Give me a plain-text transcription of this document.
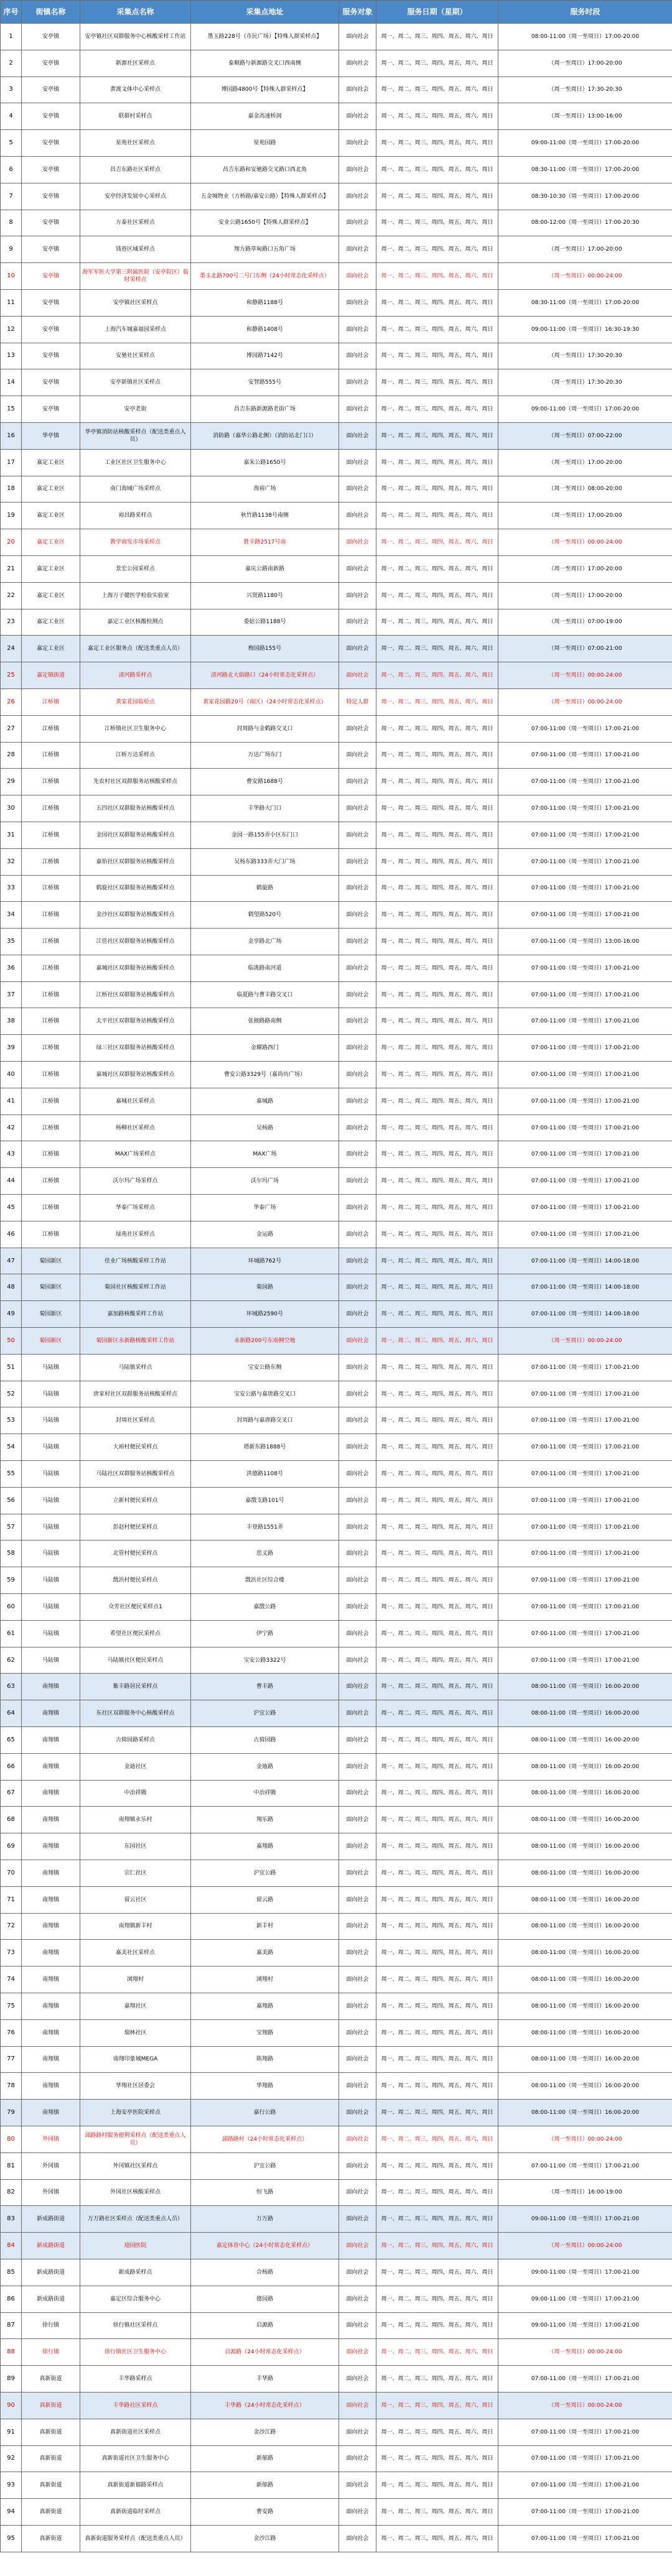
序号	街镇名称	采集点名称	采集点地址	服务对象	服务日期（星期）	服务时段
1	安亭镇	安亭镇社区双群服务中心核酸采样工作站	墨玉路228号（市民广场）【特殊人群采样点】	面向社会	周一、周二、周三、周四、周五、周六、周日	08:00-11:00（周一至周日）17:00-20:00
2	安亭镇	新源社区采样点	泰顺路与新源路交叉口西南侧	面向社会	周一、周二、周三、周四、周五、周六、周日	（周一至周日）17:00-20:00
3	安亭镇	黄渡文体中心采样点	博园路4800号【特殊人群采样点】	面向社会	周一、周二、周三、周四、周五、周六、周日	（周一至周日）17:30-20:30
4	安亭镇	联群村采样点	嘉金高速桥洞	面向社会	周一、周二、周三、周四、周五、周六、周日	（周一至周日）13:00-16:00
5	安亭镇	星苑社区采样点	星苑园路	面向社会	周一、周二、周三、周四、周五、周六、周日	09:00-11:00（周一至周日）17:00-20:00
6	安亭镇	昌吉东路社区采样点	昌吉东路和安驰路交叉路口西北角	面向社会	周一、周二、周三、周四、周五、周六、周日	08:30-11:00（周一至周日）17:00-20:00
7	安亭镇	安亭经济发展中心采样点	五金城物业（方桥路/嘉安公路）【特殊人群采样点】	面向社会	周一、周二、周三、周四、周五、周六、周日	08:30-10:30（周一至周日）17:00-20:00
8	安亭镇	方泰社区采样点	安业公路1650号【特殊人群采样点】	面向社会	周一、周二、周三、周四、周五、周六、周日	08:00-12:00（周一至周日）17:00-20:30
9	安亭镇	钱巷区域采样点	翔方路草甸路口五角广场	面向社会	周一、周二、周三、周四、周五、周六、周日	（周一至周日）17:00-20:00
10	安亭镇	海军军医大学第三附属医院（安亭院区）临时采样点	墨玉北路700号二号门东侧（24小时常态化采样点）	面向社会	周一、周二、周三、周四、周五、周六、周日	（周一至周日）00:00-24:00
11	安亭镇	安亭镇社区采样点	和静路1188号	面向社会	周一、周二、周三、周四、周五、周六、周日	08:30-11:00（周一至周日）17:00-20:00
12	安亭镇	上海汽车城嘉福园采样点	和静路1408号	面向社会	周一、周二、周三、周四、周五、周六、周日	09:00-11:00（周一至周日）16:30-19:30
13	安亭镇	安驰社区采样点	博园路7142号	面向社会	周一、周二、周三、周四、周五、周六、周日	（周一至周日）17:30-20:30
14	安亭镇	安亭新镇社区采样点	安智路555号	面向社会	周一、周二、周三、周四、周五、周六、周日	（周一至周日）17:30-20:30
15	安亭镇	安亭老街	昌吉东路新源路老街广场	面向社会	周一、周二、周三、周四、周五、周六、周日	09:00-11:00（周一至周日）17:00-20:00
16	华亭镇	华亭镇消防站核酸采样点（配送类重点人员）	消防路（嘉华公路北侧）（消防站北门口）	面向社会	周一、周二、周三、周四、周五、周六、周日	（周一至周日）07:00-22:00
17	嘉定工业区	工业区社区卫生服务中心	嘉朱公路1650号	面向社会	周一、周二、周三、周四、周五、周六、周日	（周一至周日）17:00-20:00
18	嘉定工业区	南门海域广场采样点	海裕广场	面向社会	周一、周二、周三、周四、周五、周六、周日	（周一至周日）08:00-20:00
19	嘉定工业区	裕昌路采样点	秋竹路1138号南侧	面向社会	周一、周二、周三、周四、周五、周六、周日	（周一至周日）17:00-20:00
20	嘉定工业区	教学商发市场采样点	胜辛路2517号南	面向社会	周一、周二、周三、周四、周五、周六、周日	（周一至周日）00:00-24:00
21	嘉定工业区	景宏公园采样点	嘉庆公路南新路	面向社会	周一、周二、周三、周四、周五、周六、周日	（周一至周日）17:00-20:00
22	嘉定工业区	上海万子健医学检验实验室	兴贤路1180号	面向社会	周一、周二、周三、周四、周五、周六、周日	（周一至周日）17:00-20:00
23	嘉定工业区	嘉定工业区核酸检测点	委姑公路1188号	面向社会	周一、周二、周三、周四、周五、周六、周日	（周一至周日）07:00-19:00
24	嘉定工业区	嘉定工业区服务点（配送类重点人员）	梅园路155号	面向社会	周一、周二、周三、周四、周五、周六、周日	（周一至周日）07:00-21:00
25	嘉定镇街道	清河路采样点	清河路北大街路口（24小时常态化采样点）	面向社会	周一、周二、周三、周四、周五、周六、周日	（周一至周日）00:00-24:00
26	江桥镇	黄家花园临检点	黄家花园路20号（南区）（24小时常态化采样点）	特定人群	周一、周二、周三、周四、周五、周六、周日	（周一至周日）00:00-24:00
27	江桥镇	江桥镇社区卫生服务中心	封周路与金鹤路交叉口	面向社会	周一、周二、周三、周四、周五、周六、周日	07:00-11:00（周一至周日）17:00-21:00
28	江桥镇	江桥万达采样点	万达广场东门	面向社会	周一、周二、周三、周四、周五、周六、周日	07:00-11:00（周一至周日）17:00-21:00
29	江桥镇	先农村社区双群服务站核酸采样点	曹安路1688号	面向社会	周一、周二、周三、周四、周五、周六、周日	07:00-11:00（周一至周日）17:00-21:00
30	江桥镇	五四社区双群服务站核酸采样点	丰华路大门口	面向社会	周一、周二、周三、周四、周五、周六、周日	07:00-11:00（周一至周日）17:00-21:00
31	江桥镇	金园社区双群服务站核酸采样点	金园一路155弄小区东门口	面向社会	周一、周二、周三、周四、周五、周六、周日	07:00-11:00（周一至周日）17:00-21:00
32	江桥镇	嘉怡社区双群服务站核酸采样点	吴杨东路333弄大门广场	面向社会	周一、周二、周三、周四、周五、周六、周日	07:00-11:00（周一至周日）17:00-21:00
33	江桥镇	鹤旋社区双群服务站核酸采样点	鹤旋路	面向社会	周一、周二、周三、周四、周五、周六、周日	07:00-11:00（周一至周日）17:00-21:00
34	江桥镇	金沙社区双群服务站核酸采样点	鹤望路520号	面向社会	周一、周二、周三、周四、周五、周六、周日	07:00-11:00（周一至周日）17:00-21:00
35	江桥镇	江佳社区双群服务站核酸采样点	金享路北广场	面向社会	周一、周二、周三、周四、周五、周六、周日	07:00-11:00（周一至周日）13:00-16:00
36	江桥镇	嘉城社区双群服务站核酸采样点	临洮路南河道	面向社会	周一、周二、周三、周四、周五、周六、周日	07:00-11:00（周一至周日）17:00-21:00
37	江桥镇	江桥社区双群服务站核酸采样点	临夏路与曹丰路交叉口	面向社会	周一、周二、周三、周四、周五、周六、周日	07:00-11:00（周一至周日）17:00-21:00
38	江桥镇	太平社区双群服务站核酸采样点	张掖路路南侧	面向社会	周一、周二、周三、周四、周五、周六、周日	07:00-11:00（周一至周日）17:00-21:00
39	江桥镇	绿三社区双群服务站核酸采样点	金耀路西门	面向社会	周一、周二、周三、周四、周五、周六、周日	07:00-11:00（周一至周日）17:00-21:00
40	江桥镇	嘉城社区双群服务站核酸采样点	曹安公路3329号（嘉尚坊广场）	面向社会	周一、周二、周三、周四、周五、周六、周日	07:00-11:00（周一至周日）17:00-21:00
41	江桥镇	嘉城社区采样点	嘉城路	面向社会	周一、周二、周三、周四、周五、周六、周日	07:00-11:00（周一至周日）17:00-21:00
42	江桥镇	杨柳社区采样点	吴杨路	面向社会	周一、周二、周三、周四、周五、周六、周日	07:00-11:00（周一至周日）17:00-21:00
43	江桥镇	MAX广场采样点	MAX广场	面向社会	周一、周二、周三、周四、周五、周六、周日	07:00-11:00（周一至周日）17:00-21:00
44	江桥镇	沃尔玛广场采样点	沃尔玛广场	面向社会	周一、周二、周三、周四、周五、周六、周日	07:00-11:00（周一至周日）17:00-21:00
45	江桥镇	华泰广场采样点	华泰广场	面向社会	周一、周二、周三、周四、周五、周六、周日	07:00-11:00（周一至周日）17:00-21:00
46	江桥镇	绿苑社区采样点	金运路	面向社会	周一、周二、周三、周四、周五、周六、周日	07:00-11:00（周一至周日）17:00-21:00
47	菊园新区	佳业广场核酸采样工作站	环城路762号	面向社会	周一、周二、周三、周四、周五、周六、周日	07:00-11:00（周一至周日）14:00-18:00
48	菊园新区	菊园社区核酸采样工作站	菊园路	面向社会	周一、周二、周三、周四、周五、周六、周日	07:00-11:00（周一至周日）14:00-18:00
49	菊园新区	嘉加路核酸采样工作站	环城路2590号	面向社会	周一、周二、周三、周四、周五、周六、周日	07:00-11:00（周一至周日）14:00-18:00
50	菊园新区	菊园新区永新路核酸采样工作站	永新路200号东南侧空地	面向社会	周一、周二、周三、周四、周五、周六、周日	（周一至周日）00:00-24:00
51	马陆镇	马陆镇采样点	宝安公路东侧	面向社会	周一、周二、周三、周四、周五、周六、周日	07:00-11:00（周一至周日）17:00-21:00
52	马陆镇	唐家村社区双群服务站核酸采样点	宝安公路与嘉唐路交叉口	面向社会	周一、周二、周三、周四、周五、周六、周日	07:00-11:00（周一至周日）17:00-21:00
53	马陆镇	封周社区采样点	封周路与嘉唐路交叉口	面向社会	周一、周二、周三、周四、周五、周六、周日	07:00-11:00（周一至周日）17:00-21:00
54	马陆镇	大裕村便民采样点	塔新东路1888号	面向社会	周一、周二、周三、周四、周五、周六、周日	07:00-11:00（周一至周日）17:00-21:00
55	马陆镇	马陆社区双群服务站核酸采样点	洪德路1108号	面向社会	周一、周二、周三、周四、周五、周六、周日	07:00-11:00（周一至周日）17:00-21:00
56	马陆镇	立新村便民采样点	嘉戬支路101号	面向社会	周一、周二、周三、周四、周五、周六、周日	07:00-11:00（周一至周日）17:00-21:00
57	马陆镇	彭赵村便民采样点	丰登路1551弄	面向社会	周一、周二、周三、周四、周五、周六、周日	07:00-11:00（周一至周日）17:00-21:00
58	马陆镇	北管村便民采样点	思义路	面向社会	周一、周二、周三、周四、周五、周六、周日	07:00-11:00（周一至周日）17:00-21:00
59	马陆镇	戬浜村便民采样点	戬浜社区综合楼	面向社会	周一、周二、周三、周四、周五、周六、周日	07:00-11:00（周一至周日）17:00-21:00
60	马陆镇	众芳社区便民采样点1	嘉戬公路	面向社会	周一、周二、周三、周四、周五、周六、周日	07:00-11:00（周一至周日）17:00-21:00
61	马陆镇	希望社区便民采样点	伊宁路	面向社会	周一、周二、周三、周四、周五、周六、周日	07:00-11:00（周一至周日）17:00-21:00
62	马陆镇	马陆镇社区便民采样点	宝安公路3322号	面向社会	周一、周二、周三、周四、周五、周六、周日	07:00-11:00（周一至周日）17:00-21:00
63	南翔镇	紫丰路居民采样点	曹丰路	面向社会	周一、周二、周三、周四、周五、周六、周日	08:00-11:00（周一至周日）16:00-20:00
64	南翔镇	东社区双群服务中心核酸采样点	沪宜公路	面向社会	周一、周二、周三、周四、周五、周六、周日	08:00-11:00（周一至周日）16:00-20:00
65	南翔镇	古猗园路采样点	古猗园路	面向社会	周一、周二、周三、周四、周五、周六、周日	08:00-11:00（周一至周日）16:00-20:00
66	南翔镇	金迪社区	金迪路	面向社会	周一、周二、周三、周四、周五、周六、周日	08:00-11:00（周一至周日）16:00-20:00
67	南翔镇	中冶祥腾	中冶祥腾	面向社会	周一、周二、周三、周四、周五、周六、周日	08:00-11:00（周一至周日）16:00-20:00
68	南翔镇	南翔镇永乐村	翔乐路	面向社会	周一、周二、周三、周四、周五、周六、周日	08:00-11:00（周一至周日）16:00-20:00
69	南翔镇	东园社区	嘉翔路	面向社会	周一、周二、周三、周四、周五、周六、周日	08:00-11:00（周一至周日）16:00-20:00
70	南翔镇	宗仁社区	沪宜公路	面向社会	周一、周二、周三、周四、周五、周六、周日	08:00-11:00（周一至周日）16:00-20:00
71	南翔镇	留云社区	留云路	面向社会	周一、周二、周三、周四、周五、周六、周日	08:00-11:00（周一至周日）16:00-20:00
72	南翔镇	南翔镇新丰村	新丰村	面向社会	周一、周二、周三、周四、周五、周六、周日	08:00-11:00（周一至周日）16:00-20:00
73	南翔镇	嘉美社区采样点	嘉美路	面向社会	周一、周二、周三、周四、周五、周六、周日	08:00-11:00（周一至周日）16:00-20:00
74	南翔镇	浏翔村	浏翔村	面向社会	周一、周二、周三、周四、周五、周六、周日	08:00-11:00（周一至周日）16:00-20:00
75	南翔镇	嘉翔社区	嘉翔路	面向社会	周一、周二、周三、周四、周五、周六、周日	08:00-11:00（周一至周日）16:00-20:00
76	南翔镇	瑞林社区	宝翔路	面向社会	周一、周二、周三、周四、周五、周六、周日	08:00-11:00（周一至周日）16:00-20:00
77	南翔镇	南翔印象城MEGA	陈翔路	面向社会	周一、周二、周三、周四、周五、周六、周日	08:00-11:00（周一至周日）16:00-20:00
78	南翔镇	华翔社区居委会	华翔路	面向社会	周一、周二、周三、周四、周五、周六、周日	08:00-11:00（周一至周日）16:00-20:00
79	南翔镇	上海安亭医院采样点	嘉行公路	面向社会	周一、周二、周三、周四、周五、周六、周日	08:00-11:00（周一至周日）16:00-20:00
80	外冈镇	邱路路村服务便利采样点（配送类重点人员）	邱路路村（24小时常态化采样点）	面向社会	周一、周二、周三、周四、周五、周六、周日	（周一至周日）00:00-24:00
81	外冈镇	外冈镇社区采样点	沪宜公路	面向社会	周一、周二、周三、周四、周五、周六、周日	07:00-11:00（周一至周日）17:00-21:00
82	外冈镇	外冈社区核酸采样点	恒飞路	面向社会	周一、周二、周三、周四、周五、周六、周日	（周一至周日）16:00-19:00
83	新成路街道	万万路社区采样点（配送类重点人员）	万万路	面向社会	周一、周二、周三、周四、周五、周六、周日	09:00-11:00（周一至周日）17:00-21:00
84	新成路街道	迎园医院	嘉定体育中心（24小时常态化采样点）	面向社会	周一、周二、周三、周四、周五、周六、周日	（周一至周日）00:00-24:00
85	新成路街道	新成路采样点	合杨路	面向社会	周一、周二、周三、周四、周五、周六、周日	09:00-11:00（周一至周日）17:00-21:00
86	新成路街道	嘉定区综合服务中心	德园路	面向社会	周一、周二、周三、周四、周五、周六、周日	09:00-11:00（周一至周日）17:00-21:00
87	徐行镇	徐行镇社区采样点	启源路	面向社会	周一、周二、周三、周四、周五、周六、周日	09:00-11:00（周一至周日）17:00-21:00
88	徐行镇	徐行镇社区卫生服务中心	启源路（24小时常态化采样点）	面向社会	周一、周二、周三、周四、周五、周六、周日	（周一至周日）00:00-24:00
89	真新街道	丰华路采样点	丰华路	面向社会	周一、周二、周三、周四、周五、周六、周日	07:00-11:00（周一至周日）17:00-21:00
90	真新街道	丰华路社区采样点	丰华路（24小时常态化采样点）	面向社会	周一、周二、周三、周四、周五、周六、周日	（周一至周日）00:00-24:00
91	真新街道	真新街道社区采样点	金沙江路	面向社会	周一、周二、周三、周四、周五、周六、周日	07:00-11:00（周一至周日）17:00-21:00
92	真新街道	真新街道社区卫生服务中心	新郁路	面向社会	周一、周二、周三、周四、周五、周六、周日	07:00-11:00（周一至周日）17:00-21:00
93	真新街道	真新街道新郁路采样点	新郁路	面向社会	周一、周二、周三、周四、周五、周六、周日	07:00-11:00（周一至周日）17:00-21:00
94	真新街道	真新街道临时采样点	曹安路	面向社会	周一、周二、周三、周四、周五、周六、周日	07:00-11:00（周一至周日）17:00-21:00
95	真新街道	真新街道服务采样点（配送类重点人员）	金沙江路	面向社会	周一、周二、周三、周四、周五、周六、周日	07:00-11:00（周一至周日）17:00-21:00
